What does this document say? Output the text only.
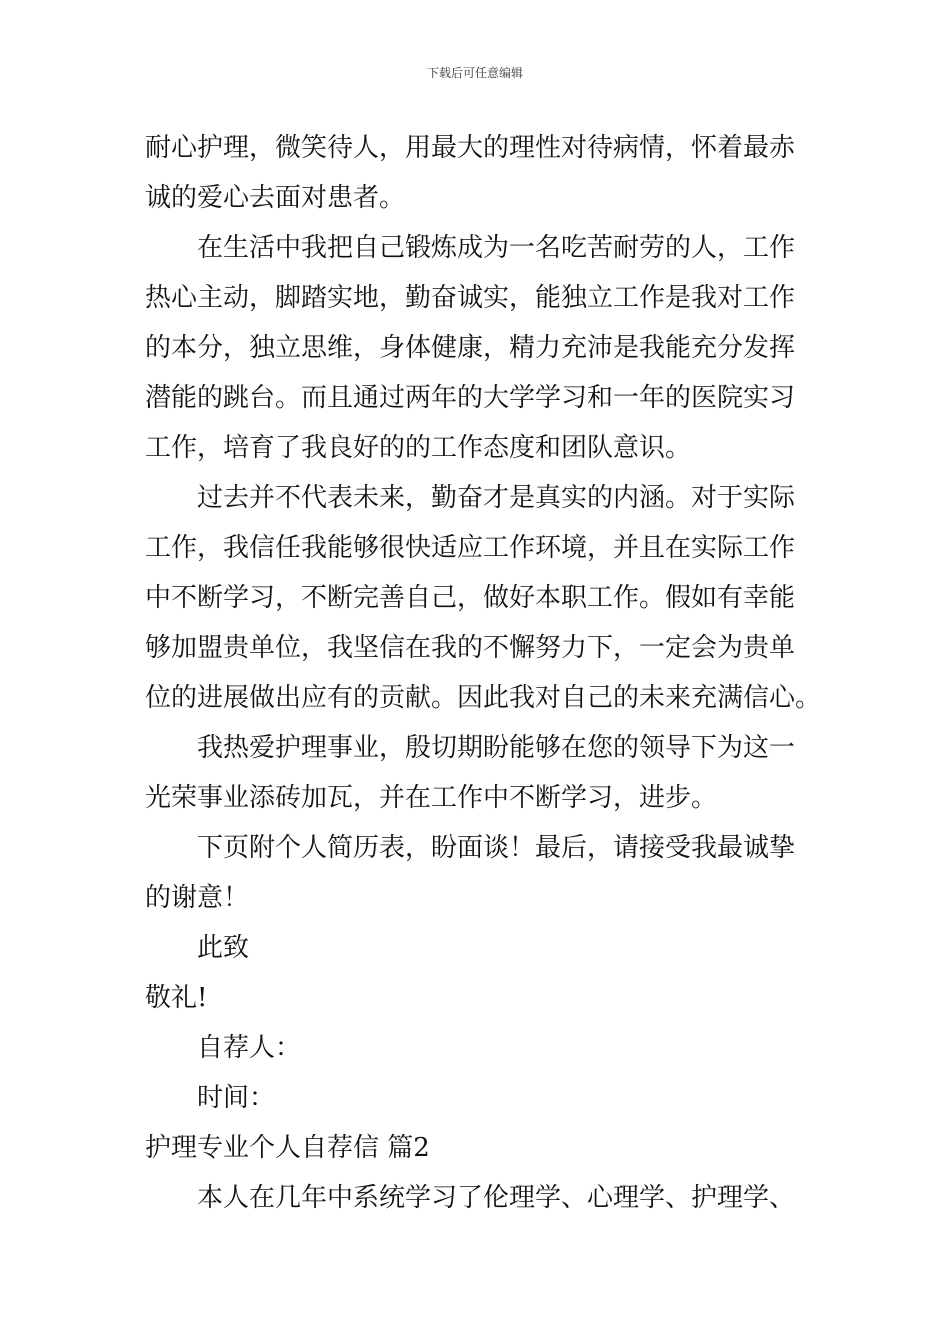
下载后可任意编辑
耐心护理，微笑待人，用最大的理性对待病情，怀着最赤
诚的爱心去面对患者。
在生活中我把自己锻炼成为一名吃苦耐劳的人，工作
热心主动，脚踏实地，勤奋诚实，能独立工作是我对工作
的本分，独立思维，身体健康，精力充沛是我能充分发挥
潜能的跳台。而且通过两年的大学学习和一年的医院实习
工作，培育了我良好的的工作态度和团队意识。
过去并不代表未来，勤奋才是真实的内涵。对于实际
工作，我信任我能够很快适应工作环境，并且在实际工作
中不断学习，不断完善自己，做好本职工作。假如有幸能
够加盟贵单位，我坚信在我的不懈努力下，一定会为贵单
位的进展做出应有的贡献。因此我对自己的未来充满信心。
我热爱护理事业，殷切期盼能够在您的领导下为这一
光荣事业添砖加瓦，并在工作中不断学习，进步。
下页附个人简历表，盼面谈！最后，请接受我最诚挚
的谢意！
此致
敬礼!
自荐人：
时间：
护理专业个人自荐信 篇2
本人在几年中系统学习了伦理学、心理学、护理学、
